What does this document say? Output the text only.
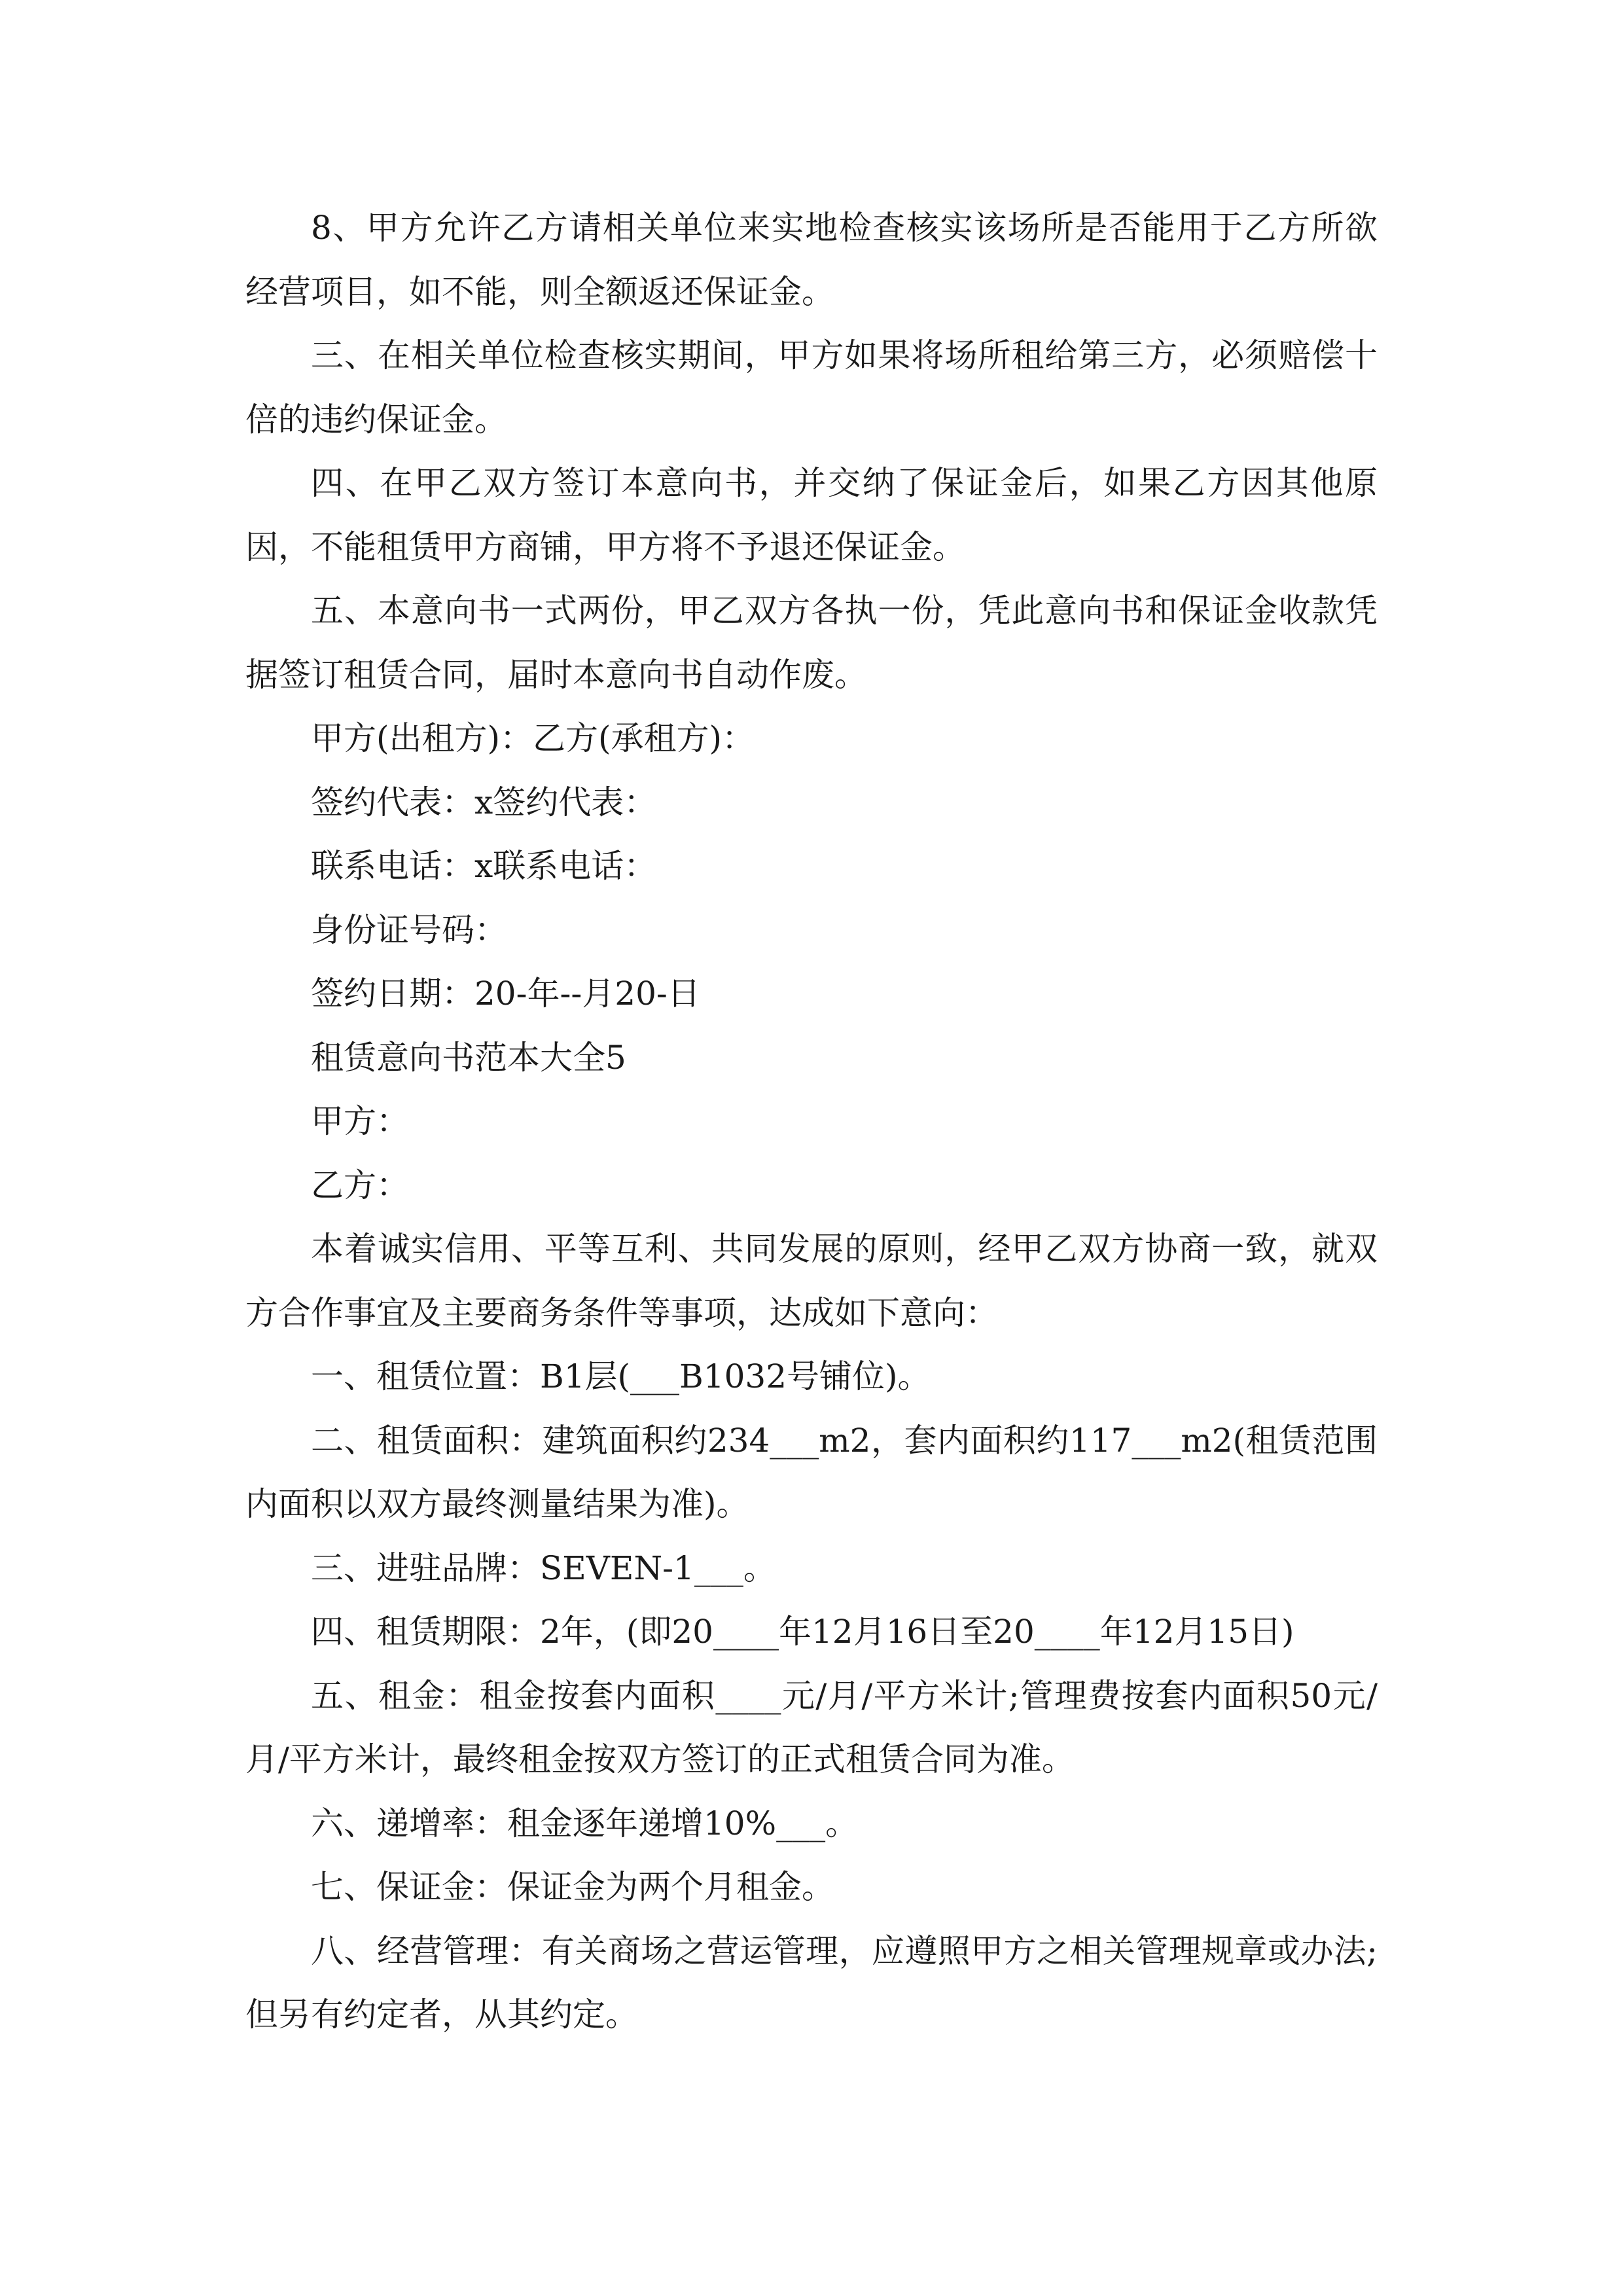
8、甲方允许乙方请相关单位来实地检查核实该场所是否能用于乙方所欲经营项目，如不能，则全额返还保证金。

三、在相关单位检查核实期间，甲方如果将场所租给第三方，必须赔偿十倍的违约保证金。

四、在甲乙双方签订本意向书，并交纳了保证金后，如果乙方因其他原因，不能租赁甲方商铺，甲方将不予退还保证金。

五、本意向书一式两份，甲乙双方各执一份，凭此意向书和保证金收款凭据签订租赁合同，届时本意向书自动作废。

甲方(出租方)：乙方(承租方)：

签约代表：x签约代表：

联系电话：x联系电话：

身份证号码：

签约日期：20-年--月20-日

租赁意向书范本大全5

甲方：

乙方：

本着诚实信用、平等互利、共同发展的原则，经甲乙双方协商一致，就双方合作事宜及主要商务条件等事项，达成如下意向：

一、租赁位置：B1层(___B1032号铺位)。

二、租赁面积：建筑面积约234___m2，套内面积约117___m2(租赁范围内面积以双方最终测量结果为准)。

三、进驻品牌：SEVEN-1___。

四、租赁期限：2年，(即20____年12月16日至20____年12月15日)

五、租金：租金按套内面积____元/月/平方米计;管理费按套内面积50元/月/平方米计，最终租金按双方签订的正式租赁合同为准。

六、递增率：租金逐年递增10%___。

七、保证金：保证金为两个月租金。

八、经营管理：有关商场之营运管理，应遵照甲方之相关管理规章或办法;但另有约定者，从其约定。
